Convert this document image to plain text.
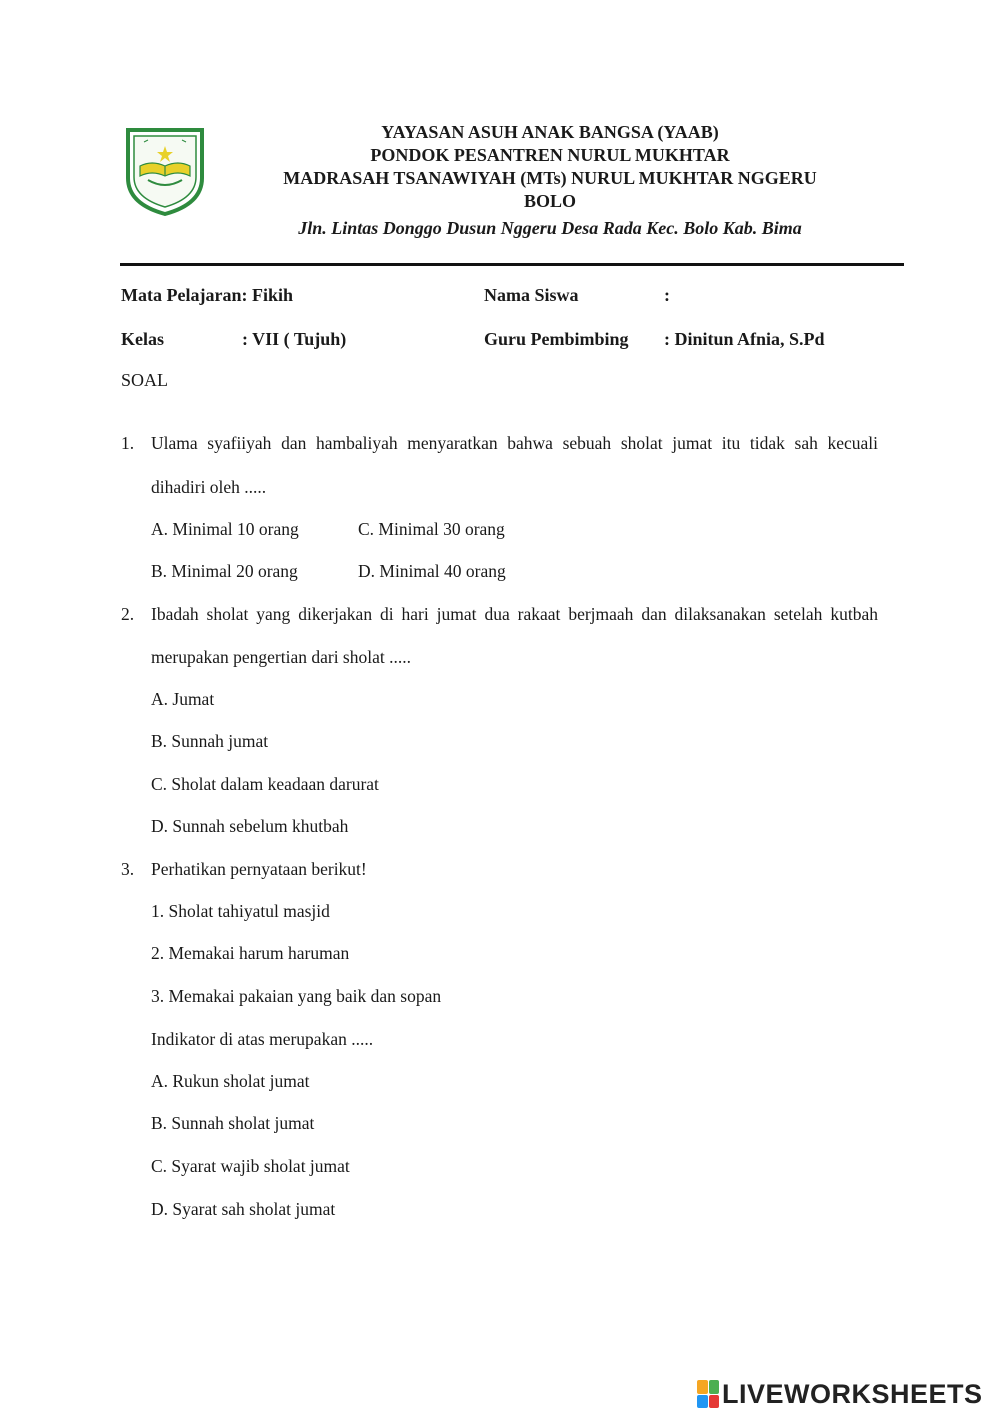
YAYASAN ASUH ANAK BANGSA (YAAB)
PONDOK PESANTREN NURUL MUKHTAR
MADRASAH TSANAWIYAH (MTs) NURUL MUKHTAR NGGERU
BOLO
Jln. Lintas Donggo Dusun Nggeru Desa Rada Kec. Bolo Kab. Bima
Mata Pelajaran: Fikih	Nama Siswa	:
Kelas	: VII ( Tujuh)	Guru Pembimbing : Dinitun Afnia, S.Pd
SOAL
1. Ulama syafiiyah dan hambaliyah menyaratkan bahwa sebuah sholat jumat itu tidak sah kecuali
dihadiri oleh .....
A. Minimal 10 orang	C. Minimal 30 orang
B. Minimal 20 orang	D. Minimal 40 orang
2. Ibadah sholat yang dikerjakan di hari jumat dua rakaat berjmaah dan dilaksanakan setelah kutbah
merupakan pengertian dari sholat .....
A. Jumat
B. Sunnah jumat
C. Sholat dalam keadaan darurat
D. Sunnah sebelum khutbah
3. Perhatikan pernyataan berikut!
1. Sholat tahiyatul masjid
2. Memakai harum haruman
3. Memakai pakaian yang baik dan sopan
Indikator di atas merupakan .....
A. Rukun sholat jumat
B. Sunnah sholat jumat
C. Syarat wajib sholat jumat
D. Syarat sah sholat jumat
LIVEWORKSHEETS
